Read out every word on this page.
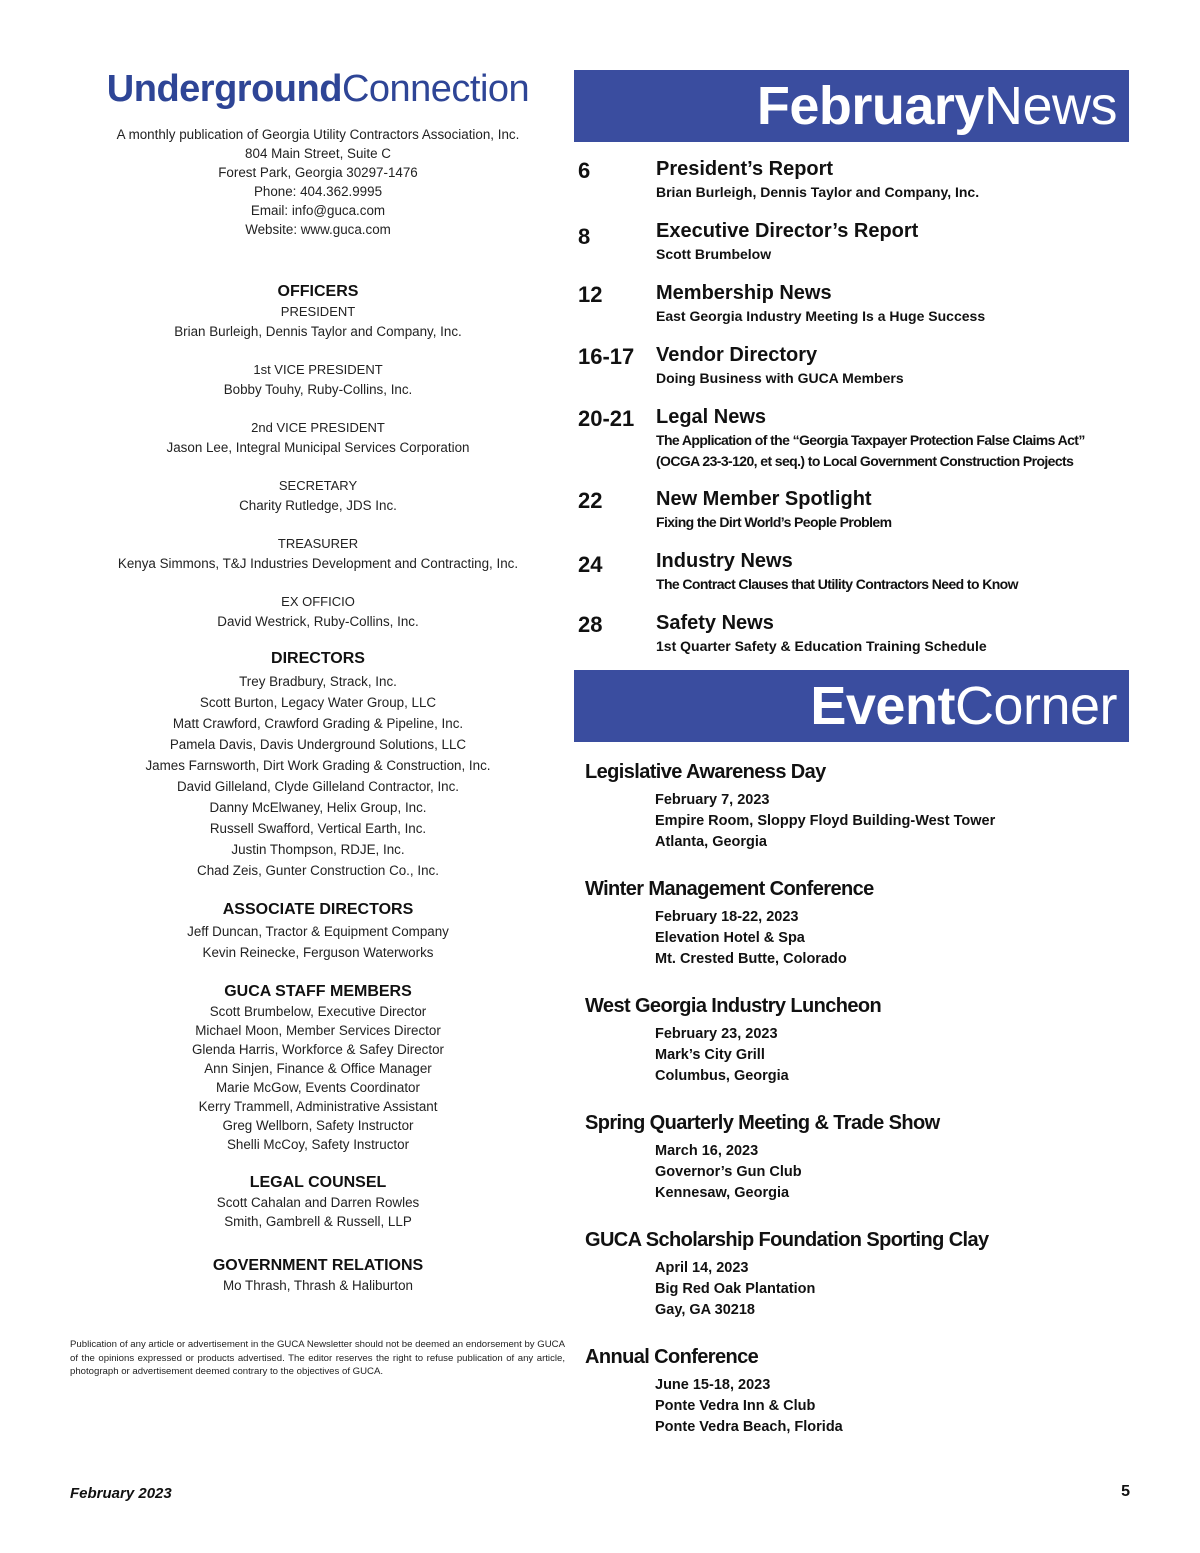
UndergroundConnection
A monthly publication of Georgia Utility Contractors Association, Inc.
804 Main Street, Suite C
Forest Park, Georgia 30297-1476
Phone: 404.362.9995
Email: info@guca.com
Website: www.guca.com
OFFICERS
PRESIDENT
Brian Burleigh, Dennis Taylor and Company, Inc.
1st VICE PRESIDENT
Bobby Touhy, Ruby-Collins, Inc.
2nd VICE PRESIDENT
Jason Lee, Integral Municipal Services Corporation
SECRETARY
Charity Rutledge, JDS Inc.
TREASURER
Kenya Simmons, T&J Industries Development and Contracting, Inc.
EX OFFICIO
David Westrick, Ruby-Collins, Inc.
DIRECTORS
Trey Bradbury, Strack, Inc.
Scott Burton, Legacy Water Group, LLC
Matt Crawford, Crawford Grading & Pipeline, Inc.
Pamela Davis, Davis Underground Solutions, LLC
James Farnsworth, Dirt Work Grading & Construction, Inc.
David Gilleland, Clyde Gilleland Contractor, Inc.
Danny McElwaney, Helix Group, Inc.
Russell Swafford, Vertical Earth, Inc.
Justin Thompson, RDJE, Inc.
Chad Zeis, Gunter Construction Co., Inc.
ASSOCIATE DIRECTORS
Jeff Duncan, Tractor & Equipment Company
Kevin Reinecke, Ferguson Waterworks
GUCA STAFF MEMBERS
Scott Brumbelow, Executive Director
Michael Moon, Member Services Director
Glenda Harris, Workforce & Safey Director
Ann Sinjen, Finance & Office Manager
Marie McGow, Events Coordinator
Kerry Trammell, Administrative Assistant
Greg Wellborn, Safety Instructor
Shelli McCoy, Safety Instructor
LEGAL COUNSEL
Scott Cahalan and Darren Rowles
Smith, Gambrell & Russell, LLP
GOVERNMENT RELATIONS
Mo Thrash, Thrash & Haliburton
Publication of any article or advertisement in the GUCA Newsletter should not be deemed an endorsement by GUCA of the opinions expressed or products advertised. The editor reserves the right to refuse publication of any article, photograph or advertisement deemed contrary to the objectives of GUCA.
FebruaryNews
6	President’s Report
Brian Burleigh, Dennis Taylor and Company, Inc.
8	Executive Director’s Report
Scott Brumbelow
12	Membership News
East Georgia Industry Meeting Is a Huge Success
16-17	Vendor Directory
Doing Business with GUCA Members
20-21	Legal News
The Application of the “Georgia Taxpayer Protection False Claims Act”
(OCGA 23-3-120, et seq.) to Local Government Construction Projects
22	New Member Spotlight
Fixing the Dirt World’s People Problem
24	Industry News
The Contract Clauses that Utility Contractors Need to Know
28	Safety News
1st Quarter Safety & Education Training Schedule
EventCorner
Legislative Awareness Day
February 7, 2023
Empire Room, Sloppy Floyd Building-West Tower
Atlanta, Georgia
Winter Management Conference
February 18-22, 2023
Elevation Hotel & Spa
Mt. Crested Butte, Colorado
West Georgia Industry Luncheon
February 23, 2023
Mark’s City Grill
Columbus, Georgia
Spring Quarterly Meeting & Trade Show
March 16, 2023
Governor’s Gun Club
Kennesaw, Georgia
GUCA Scholarship Foundation Sporting Clay
April 14, 2023
Big Red Oak Plantation
Gay, GA 30218
Annual Conference
June 15-18, 2023
Ponte Vedra Inn & Club
Ponte Vedra Beach, Florida
February 2023	5
